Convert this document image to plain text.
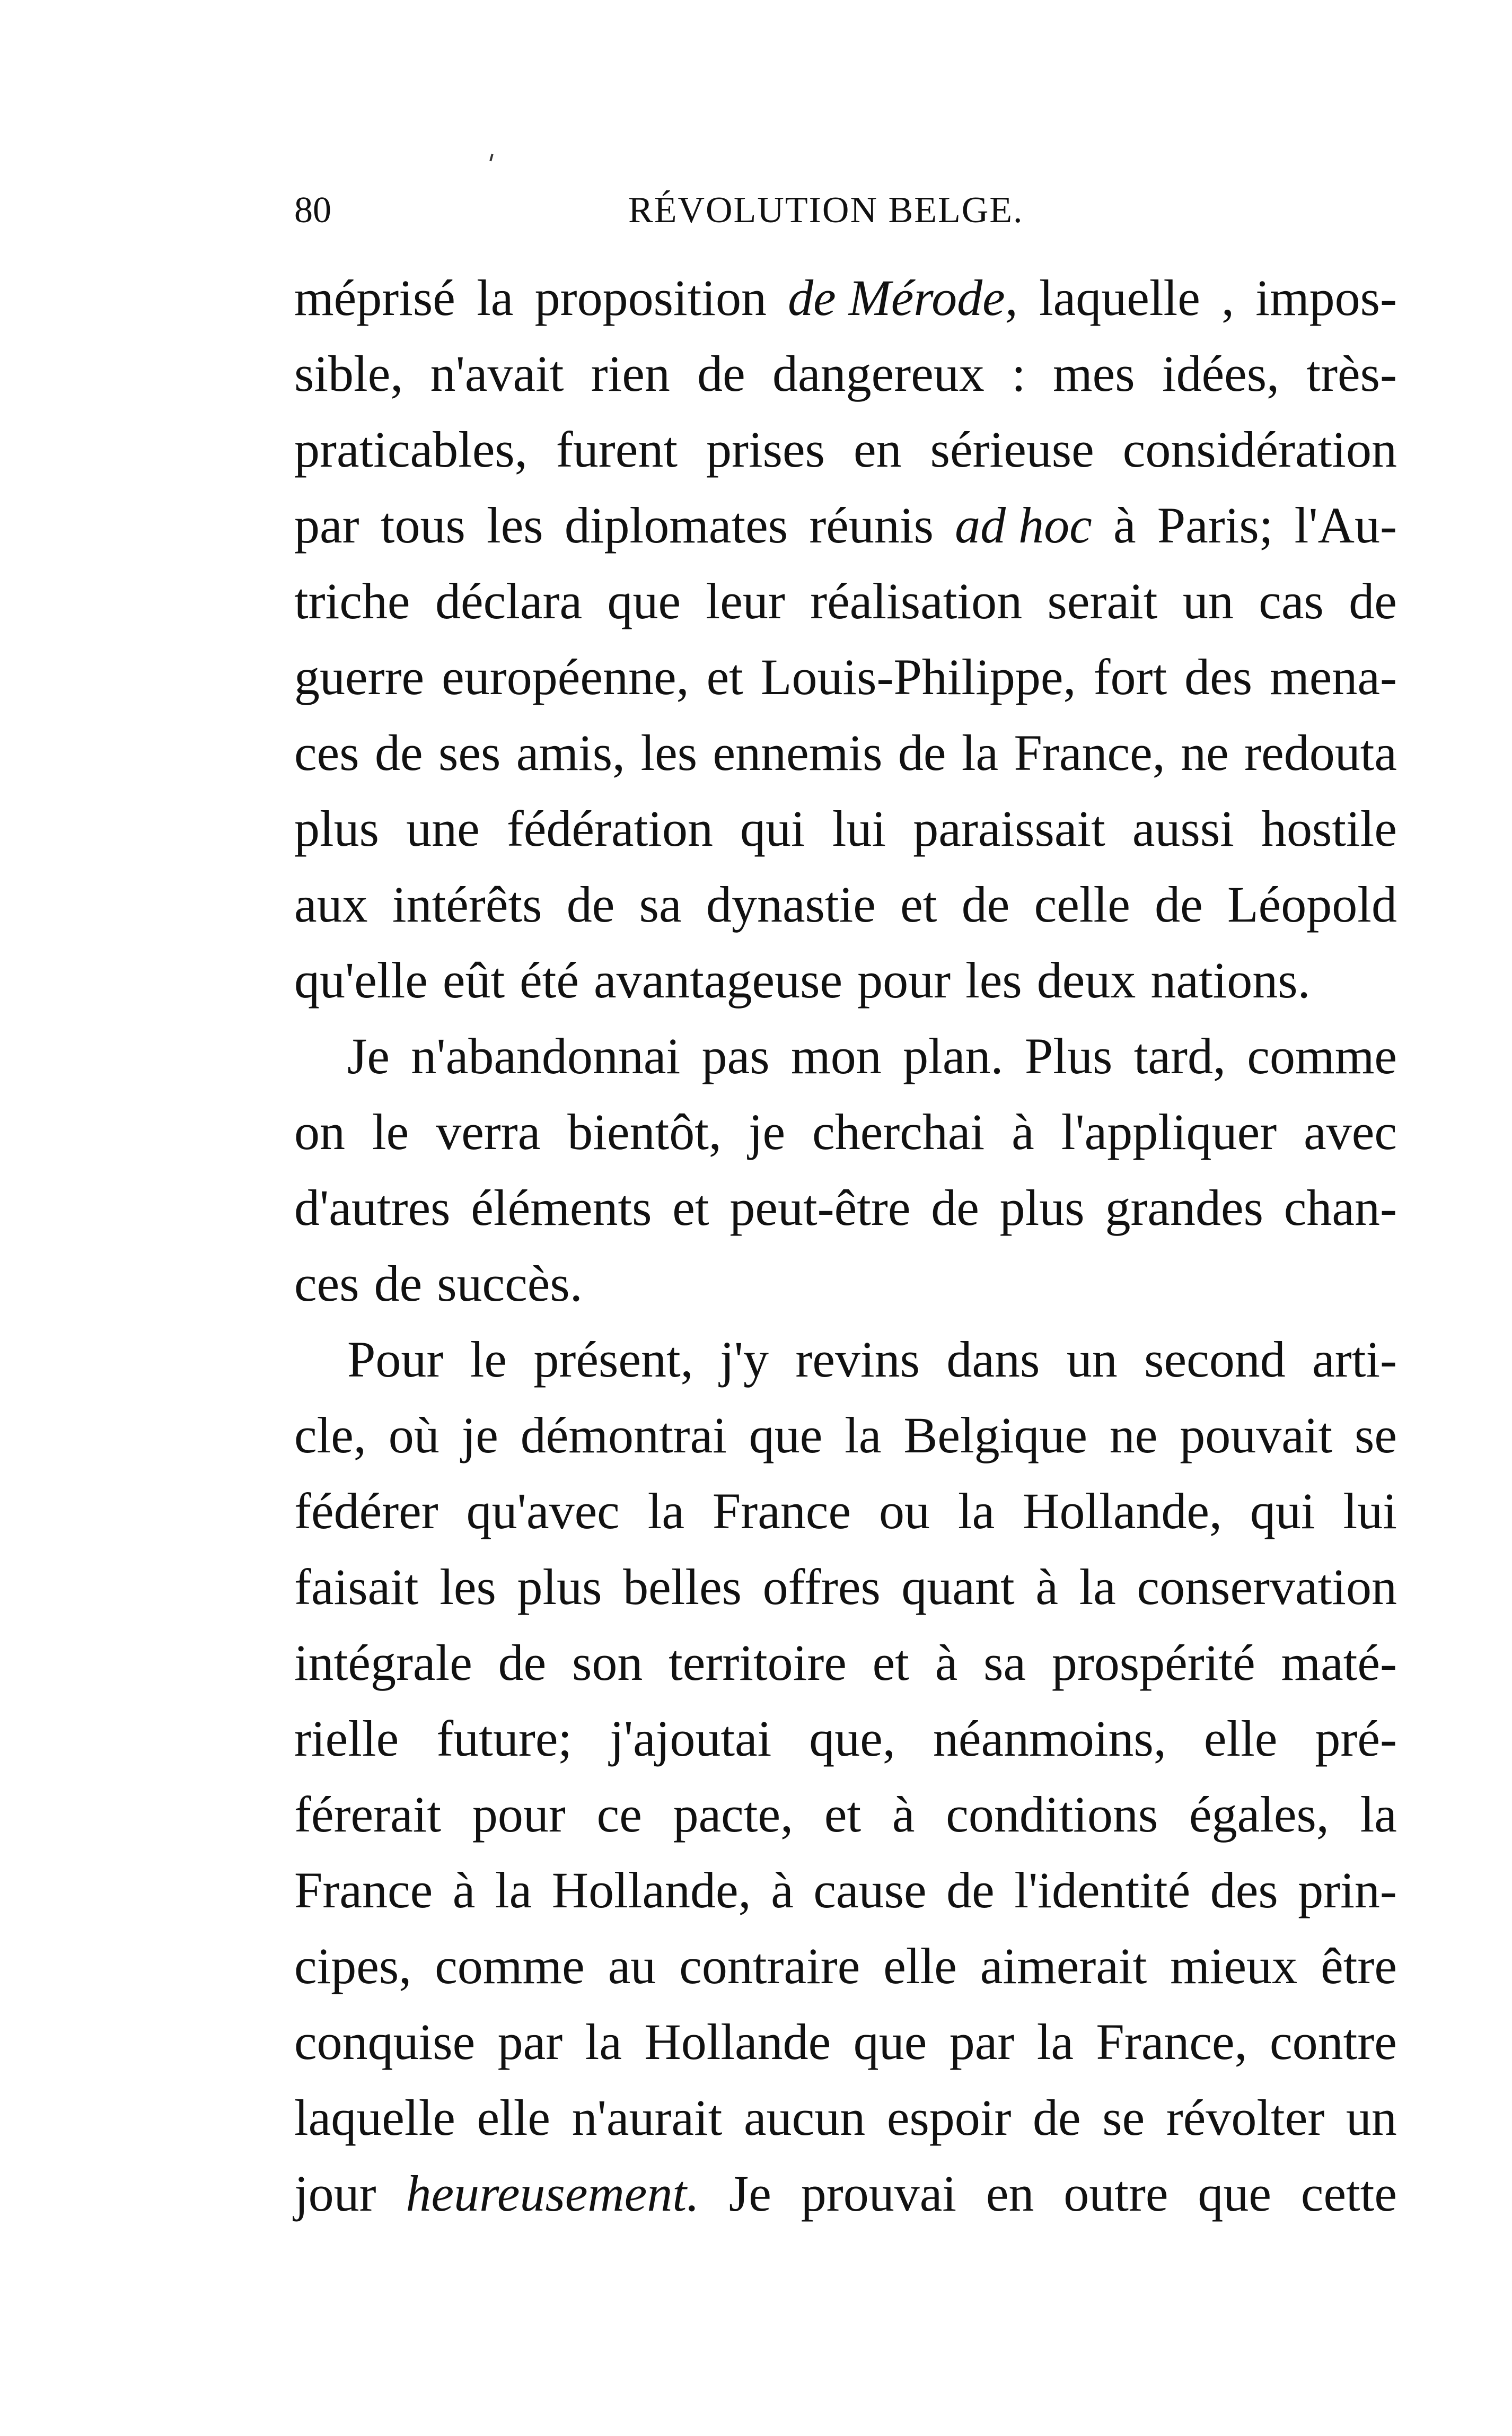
80	RÉVOLUTION BELGE.
méprisé la proposition de Mérode, laquelle , impos-
sible, n'avait rien de dangereux : mes idées, très-
praticables, furent prises en sérieuse considération
par tous les diplomates réunis ad hoc à Paris; l'Au-
triche déclara que leur réalisation serait un cas de
guerre européenne, et Louis-Philippe, fort des mena-
ces de ses amis, les ennemis de la France, ne redouta
plus une fédération qui lui paraissait aussi hostile
aux intérêts de sa dynastie et de celle de Léopold
qu'elle eût été avantageuse pour les deux nations.
Je n'abandonnai pas mon plan. Plus tard, comme
on le verra bientôt, je cherchai à l'appliquer avec
d'autres éléments et peut-être de plus grandes chan-
ces de succès.
Pour le présent, j'y revins dans un second arti-
cle, où je démontrai que la Belgique ne pouvait se
fédérer qu'avec la France ou la Hollande, qui lui
faisait les plus belles offres quant à la conservation
intégrale de son territoire et à sa prospérité maté-
rielle future; j'ajoutai que, néanmoins, elle pré-
férerait pour ce pacte, et à conditions égales, la
France à la Hollande, à cause de l'identité des prin-
cipes, comme au contraire elle aimerait mieux être
conquise par la Hollande que par la France, contre
laquelle elle n'aurait aucun espoir de se révolter un
jour heureusement. Je prouvai en outre que cette
